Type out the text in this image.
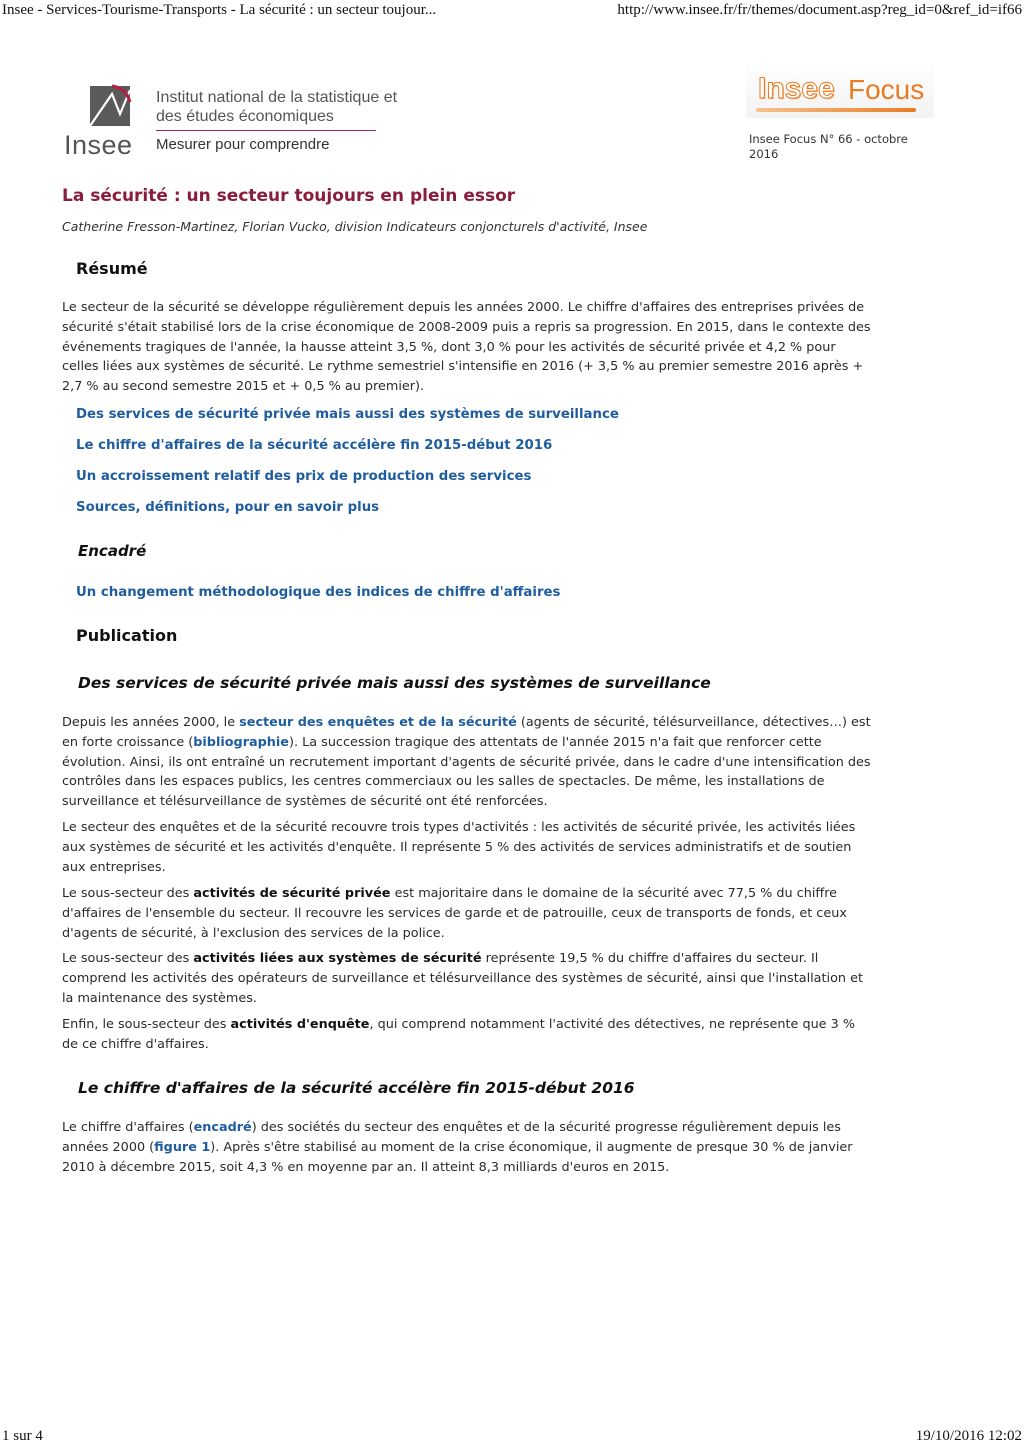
Insee - Services-Tourisme-Transports - La sécurité : un secteur toujour...	http://www.insee.fr/fr/themes/document.asp?reg_id=0&ref_id=if66
Insee
Institut national de la statistique et des études économiques
Mesurer pour comprendre
Insee Focus
Insee Focus N° 66 - octobre 2016
La sécurité : un secteur toujours en plein essor
Catherine Fresson-Martinez, Florian Vucko, division Indicateurs conjoncturels d'activité, Insee
Résumé

Le secteur de la sécurité se développe régulièrement depuis les années 2000. Le chiffre d'affaires des entreprises privées de sécurité s'était stabilisé lors de la crise économique de 2008-2009 puis a repris sa progression. En 2015, dans le contexte des événements tragiques de l'année, la hausse atteint 3,5 %, dont 3,0 % pour les activités de sécurité privée et 4,2 % pour celles liées aux systèmes de sécurité. Le rythme semestriel s'intensifie en 2016 (+ 3,5 % au premier semestre 2016 après + 2,7 % au second semestre 2015 et + 0,5 % au premier).

Des services de sécurité privée mais aussi des systèmes de surveillance
Le chiffre d'affaires de la sécurité accélère fin 2015-début 2016
Un accroissement relatif des prix de production des services
Sources, définitions, pour en savoir plus
Encadré
Un changement méthodologique des indices de chiffre d'affaires
Publication
Des services de sécurité privée mais aussi des systèmes de surveillance

Depuis les années 2000, le secteur des enquêtes et de la sécurité (agents de sécurité, télésurveillance, détectives…) est en forte croissance (bibliographie). La succession tragique des attentats de l'année 2015 n'a fait que renforcer cette évolution. Ainsi, ils ont entraîné un recrutement important d'agents de sécurité privée, dans le cadre d'une intensification des contrôles dans les espaces publics, les centres commerciaux ou les salles de spectacles. De même, les installations de surveillance et télésurveillance de systèmes de sécurité ont été renforcées.

Le secteur des enquêtes et de la sécurité recouvre trois types d'activités : les activités de sécurité privée, les activités liées aux systèmes de sécurité et les activités d'enquête. Il représente 5 % des activités de services administratifs et de soutien aux entreprises.

Le sous-secteur des activités de sécurité privée est majoritaire dans le domaine de la sécurité avec 77,5 % du chiffre d'affaires de l'ensemble du secteur. Il recouvre les services de garde et de patrouille, ceux de transports de fonds, et ceux d'agents de sécurité, à l'exclusion des services de la police.

Le sous-secteur des activités liées aux systèmes de sécurité représente 19,5 % du chiffre d'affaires du secteur. Il comprend les activités des opérateurs de surveillance et télésurveillance des systèmes de sécurité, ainsi que l'installation et la maintenance des systèmes.

Enfin, le sous-secteur des activités d'enquête, qui comprend notamment l'activité des détectives, ne représente que 3 % de ce chiffre d'affaires.

Le chiffre d'affaires de la sécurité accélère fin 2015-début 2016

Le chiffre d'affaires (encadré) des sociétés du secteur des enquêtes et de la sécurité progresse régulièrement depuis les années 2000 (figure 1). Après s'être stabilisé au moment de la crise économique, il augmente de presque 30 % de janvier 2010 à décembre 2015, soit 4,3 % en moyenne par an. Il atteint 8,3 milliards d'euros en 2015.

1 sur 4	19/10/2016 12:02
